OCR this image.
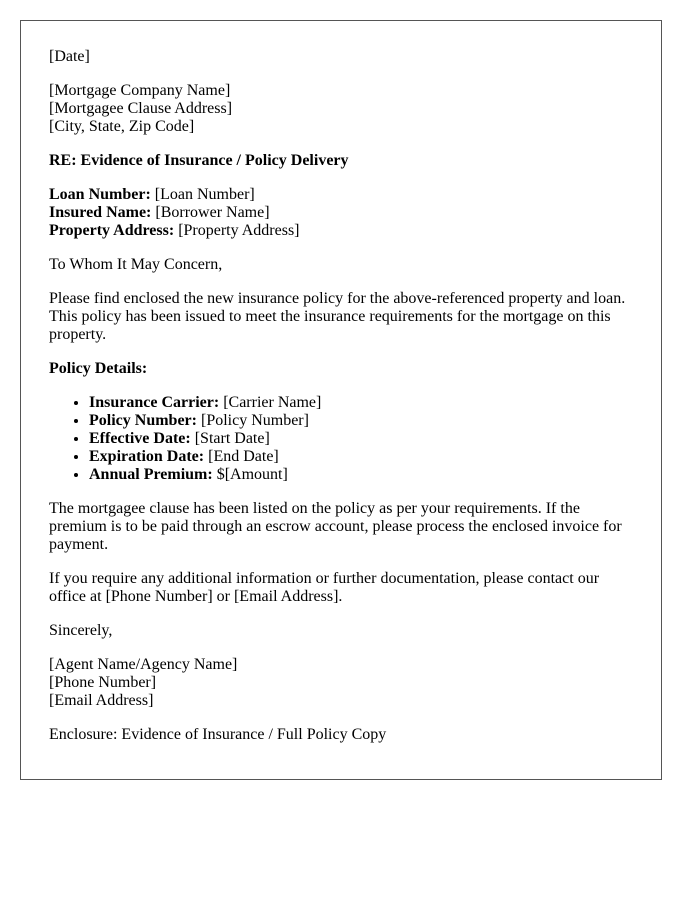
[Date]

[Mortgage Company Name]
[Mortgagee Clause Address]
[City, State, Zip Code]

RE: Evidence of Insurance / Policy Delivery

Loan Number: [Loan Number]
Insured Name: [Borrower Name]
Property Address: [Property Address]

To Whom It May Concern,

Please find enclosed the new insurance policy for the above-referenced property and loan. This policy has been issued to meet the insurance requirements for the mortgage on this property.

Policy Details:

• Insurance Carrier: [Carrier Name]
• Policy Number: [Policy Number]
• Effective Date: [Start Date]
• Expiration Date: [End Date]
• Annual Premium: $[Amount]

The mortgagee clause has been listed on the policy as per your requirements. If the premium is to be paid through an escrow account, please process the enclosed invoice for payment.

If you require any additional information or further documentation, please contact our office at [Phone Number] or [Email Address].

Sincerely,

[Agent Name/Agency Name]
[Phone Number]
[Email Address]

Enclosure: Evidence of Insurance / Full Policy Copy
